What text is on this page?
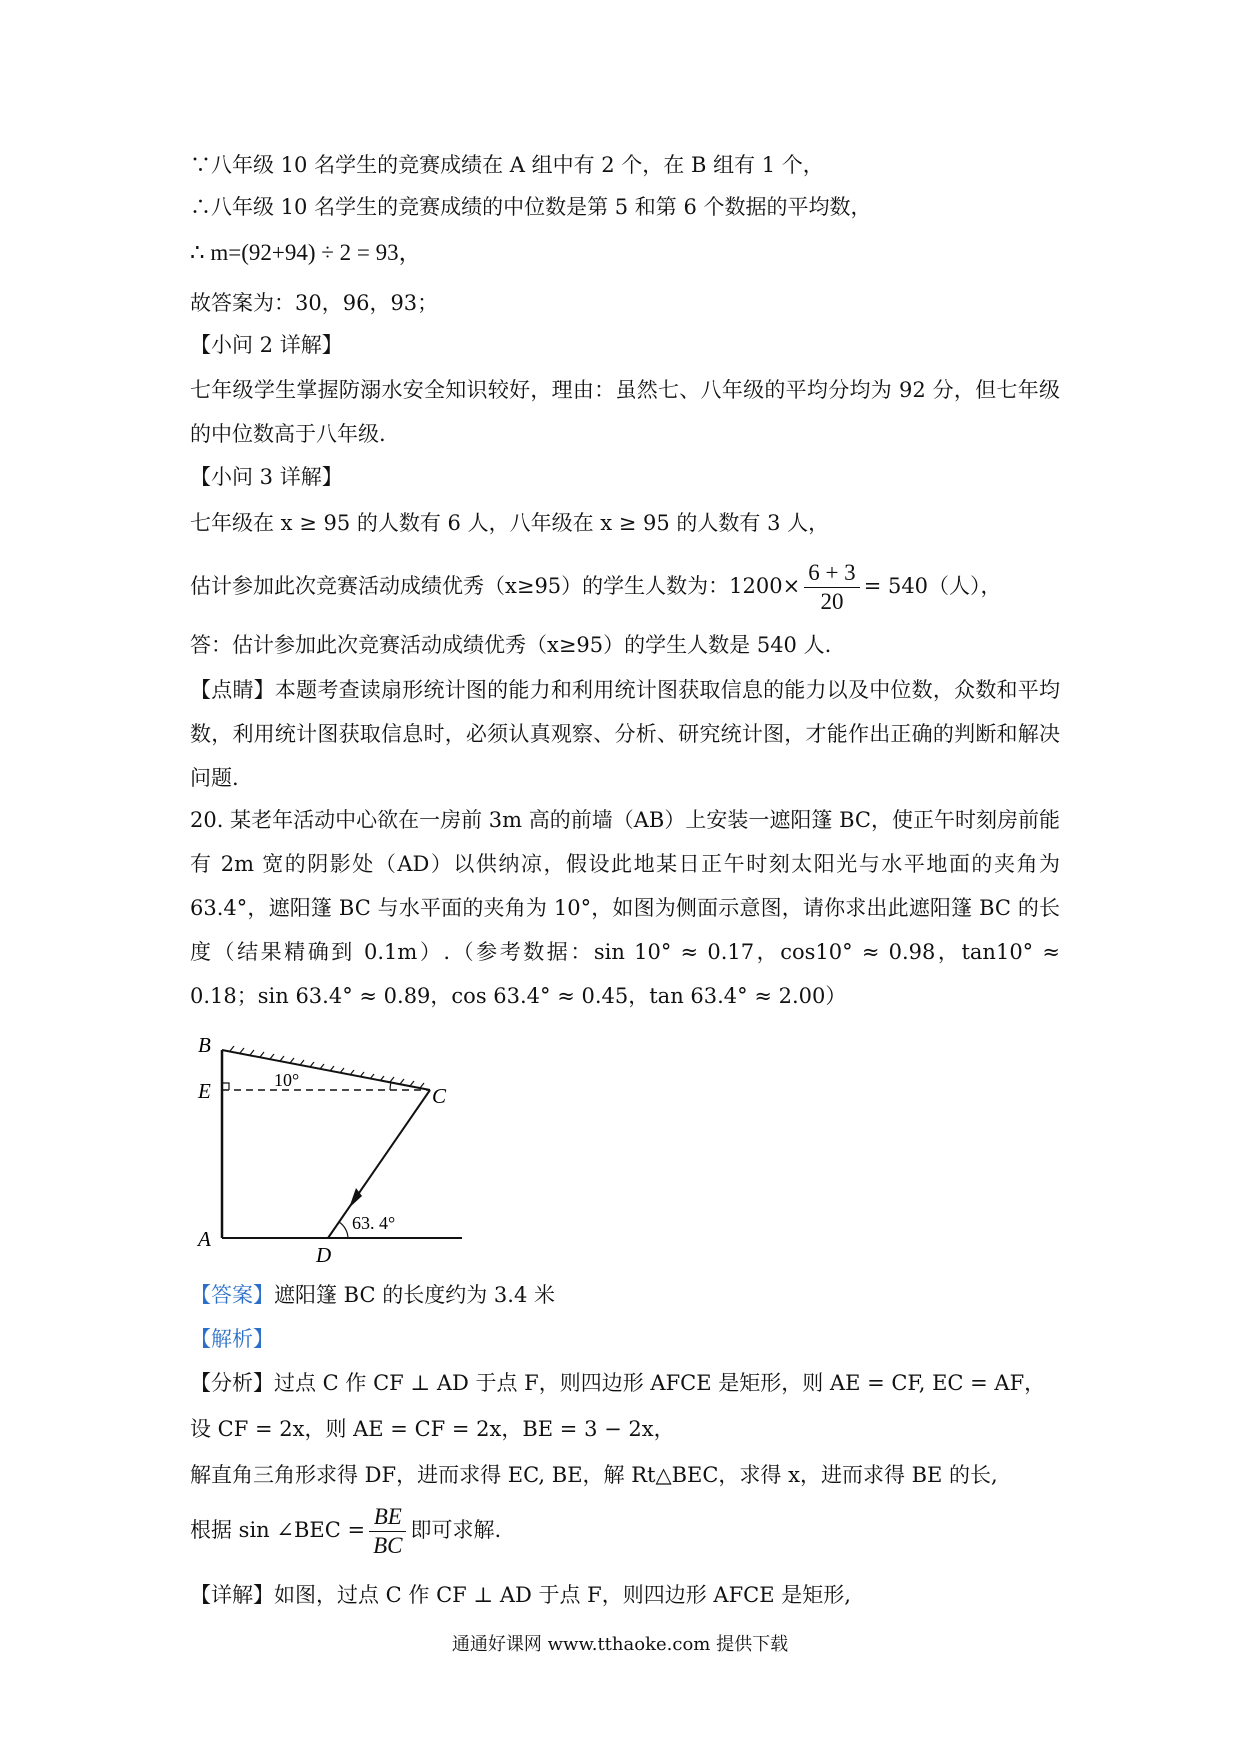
∵八年级 10 名学生的竞赛成绩在 A 组中有 2 个，在 B 组有 1 个，
∴八年级 10 名学生的竞赛成绩的中位数是第 5 和第 6 个数据的平均数，
∴ m=(92+94) ÷ 2 = 93，
故答案为：30，96，93；
【小问 2 详解】
七年级学生掌握防溺水安全知识较好，理由：虽然七、八年级的平均分均为 92 分，但七年级的中位数高于八年级.
【小问 3 详解】
七年级在 x ≥ 95 的人数有 6 人，八年级在 x ≥ 95 的人数有 3 人，
估计参加此次竞赛活动成绩优秀（x≥95）的学生人数为：$1200\times \frac{6 + 3}{20} = 540$（人），
答：估计参加此次竞赛活动成绩优秀（x≥95）的学生人数是 540 人.
【点睛】本题考查读扇形统计图的能力和利用统计图获取信息的能力以及中位数，众数和平均数，利用统计图获取信息时，必须认真观察、分析、研究统计图，才能作出正确的判断和解决问题.
20. 某老年活动中心欲在一房前 3m 高的前墙（AB）上安装一遮阳篷 BC，使正午时刻房前能有 2m 宽的阴影处（AD）以供纳凉，假设此地某日正午时刻太阳光与水平地面的夹角为 63.4°，遮阳篷 BC 与水平面的夹角为 10°，如图为侧面示意图，请你求出此遮阳篷 BC 的长度（结果精确到 0.1m）.（参考数据：sin 10° ≈ 0.17，cos10° ≈ 0.98，tan10° ≈ 0.18；sin 63.4° ≈ 0.89，cos 63.4° ≈ 0.45，tan 63.4° ≈ 2.00）
B
E
A
C
D
10°
63. 4°
【答案】遮阳篷 BC 的长度约为 3.4 米
【解析】
【分析】过点 C 作 CF ⊥ AD 于点 F，则四边形 AFCE 是矩形，则 AE = CF, EC = AF，
设 CF = 2x，则 AE = CF = 2x，BE = 3 − 2x，
解直角三角形求得 DF，进而求得 EC, BE，解 Rt△BEC，求得 x，进而求得 BE 的长,
根据 sin ∠BEC = $\frac{BE}{BC}$ 即可求解.
【详解】如图，过点 C 作 CF ⊥ AD 于点 F，则四边形 AFCE 是矩形,
通通好课网 www.tthaoke.com 提供下载
